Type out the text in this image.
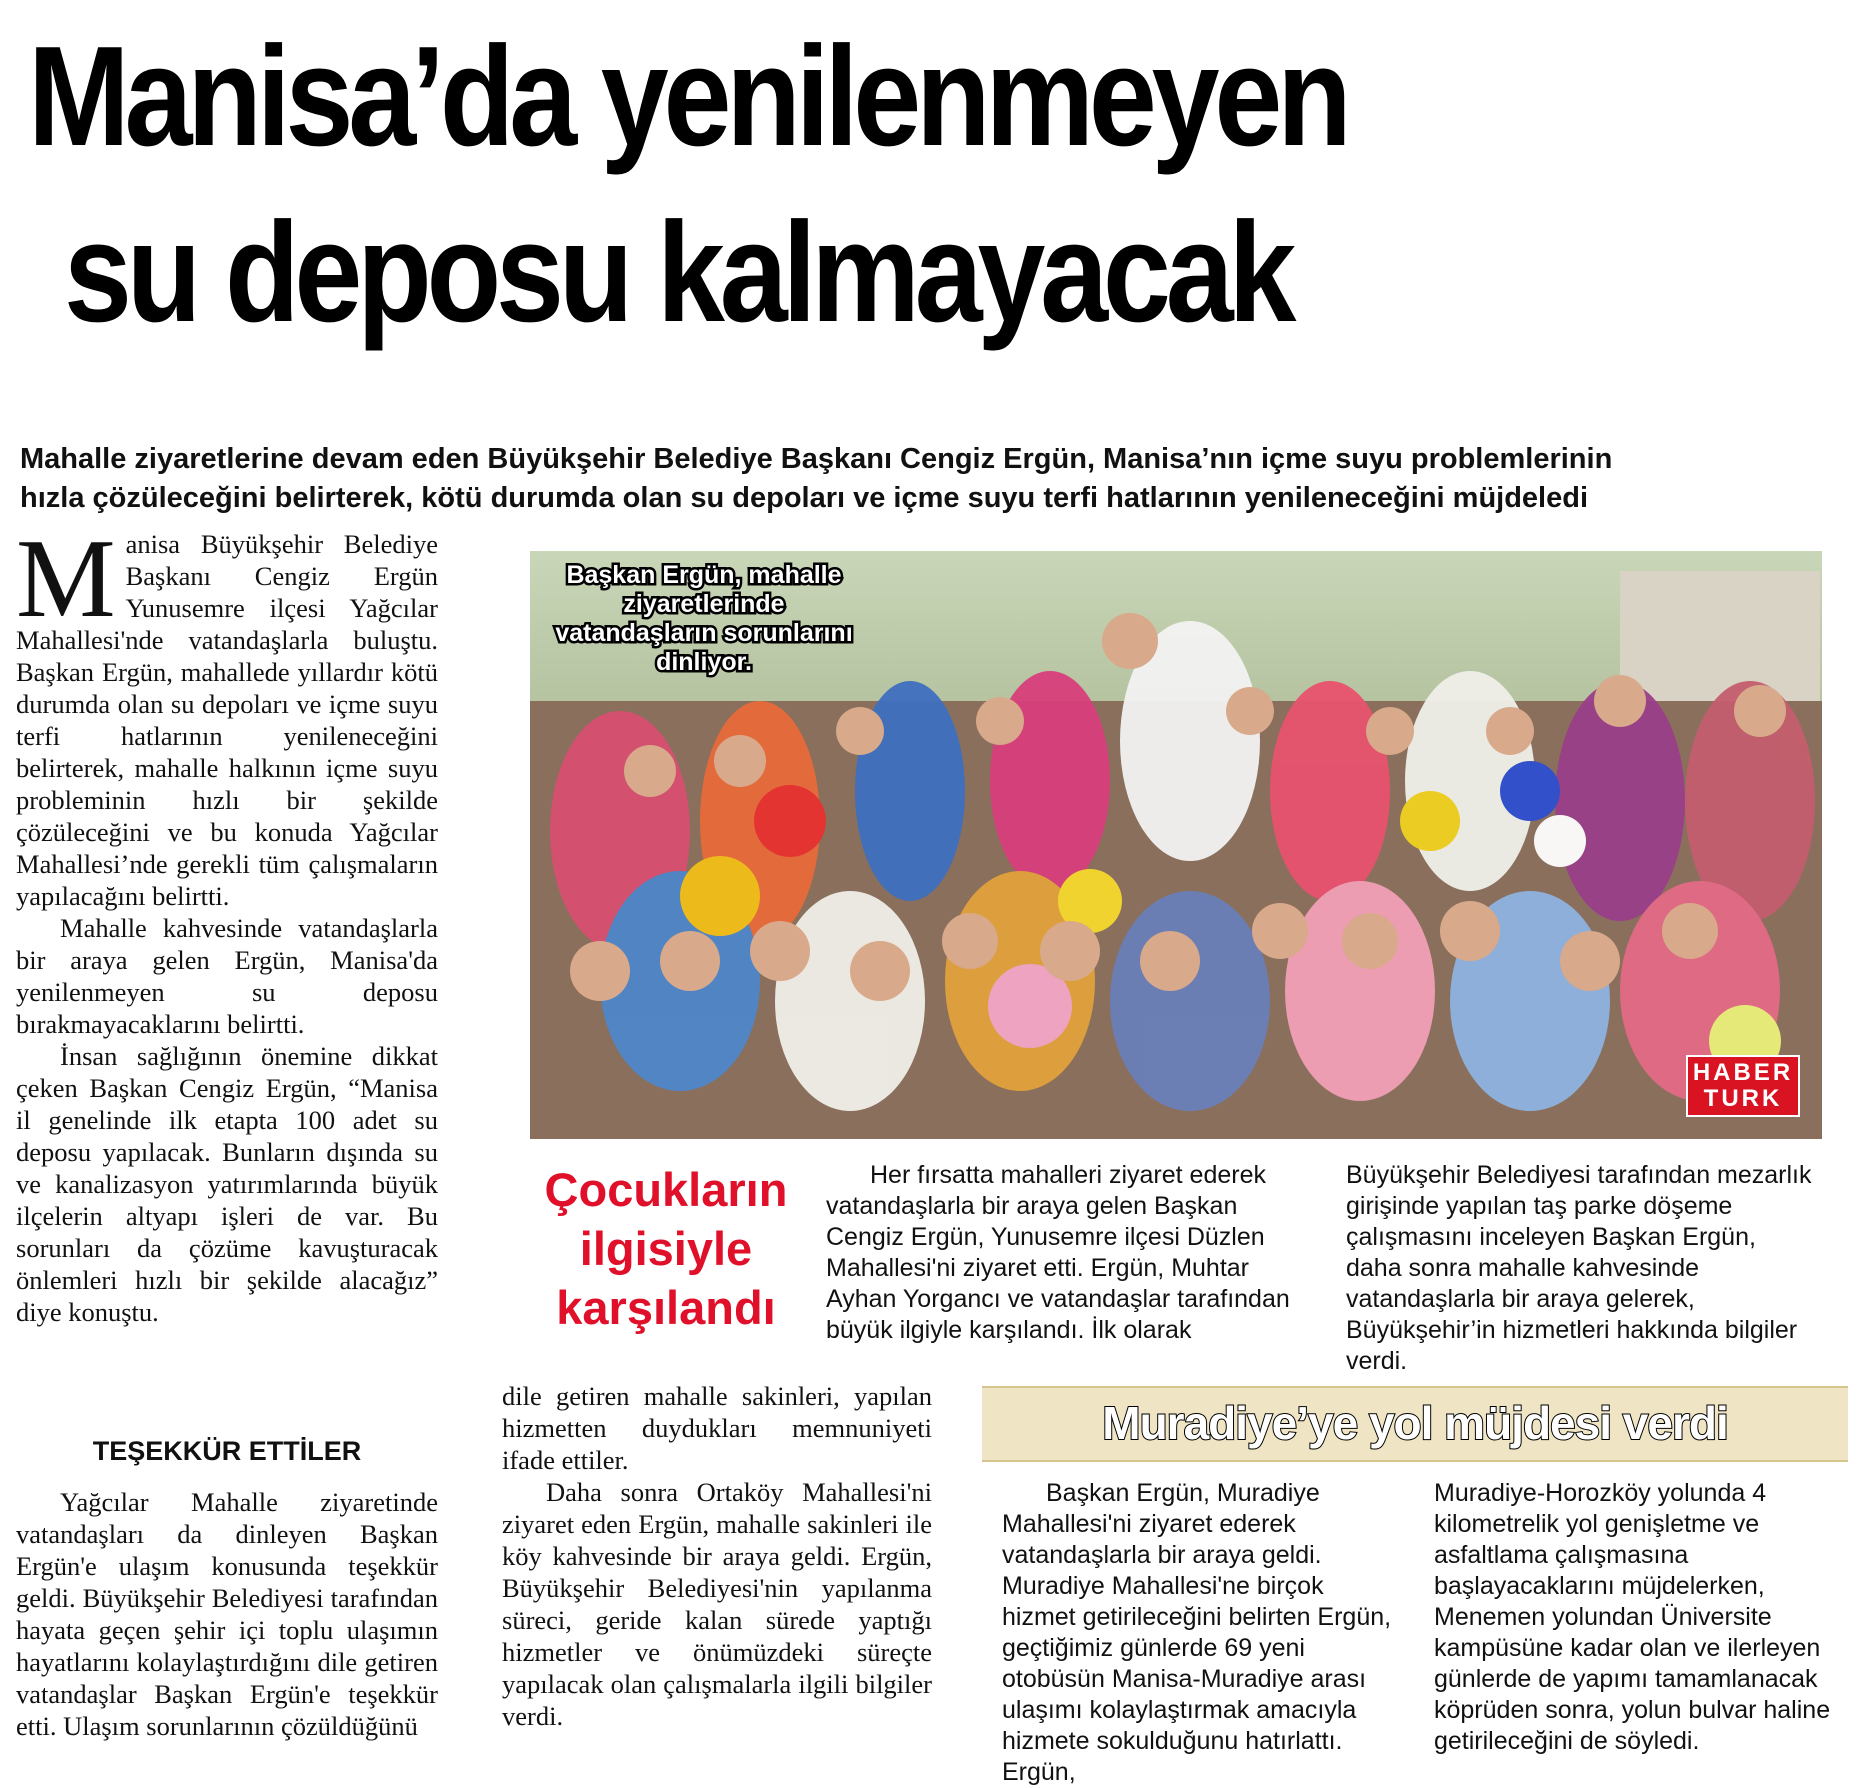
Manisa’da yenilenmeyen
su deposu kalmayacak
Mahalle ziyaretlerine devam eden Büyükşehir Belediye Başkanı Cengiz Ergün, Manisa’nın içme suyu problemlerinin
hızla çözüleceğini belirterek, kötü durumda olan su depoları ve içme suyu terfi hatlarının yenileneceğini müjdeledi

M anisa Büyükşehir Belediye Başkanı Cengiz Ergün Yunusemre ilçesi Yağcılar Mahallesi'nde vatandaşlarla buluştu. Başkan Ergün, mahallede yıllardır kötü durumda olan su depoları ve içme suyu terfi hatlarının yenileneceğini belirterek, mahalle halkının içme suyu probleminin hızlı bir şekilde çözüleceğini ve bu konuda Yağcılar Mahallesi’nde gerekli tüm çalışmaların yapılacağını belirtti.

Mahalle kahvesinde vatandaşlarla bir araya gelen Ergün, Manisa'da yenilenmeyen su deposu bırakmayacaklarını belirtti.

İnsan sağlığının önemine dikkat çeken Başkan Cengiz Ergün, “Manisa il genelinde ilk etapta 100 adet su deposu yapılacak. Bunların dışında su ve kanalizasyon yatırımlarında büyük ilçelerin altyapı işleri de var. Bu sorunları da çözüme kavuşturacak önlemleri hızlı bir şekilde alacağız” diye konuştu.

TEŞEKKÜR ETTİLER

Yağcılar Mahalle ziyaretinde vatandaşları da dinleyen Başkan Ergün'e ulaşım konusunda teşekkür geldi. Büyükşehir Belediyesi tarafından hayata geçen şehir içi toplu ulaşımın hayatlarını kolaylaştırdığını dile getiren vatandaşlar Başkan Ergün'e teşekkür etti. Ulaşım sorunlarının çözüldüğünü

Başkan Ergün, mahalle ziyaretlerinde vatandaşların sorunlarını dinliyor.
HABER
TURK
Çocukların ilgisiyle karşılandı

Her fırsatta mahalleri ziyaret ederek vatandaşlarla bir araya gelen Başkan Cengiz Ergün, Yunusemre ilçesi Düzlen Mahallesi'ni ziyaret etti. Ergün, Muhtar Ayhan Yorgancı ve vatandaşlar tarafından büyük ilgiyle karşılandı. İlk olarak

Büyükşehir Belediyesi tarafından mezarlık girişinde yapılan taş parke döşeme çalışmasını inceleyen Başkan Ergün, daha sonra mahalle kahvesinde vatandaşlarla bir araya gelerek, Büyükşehir’in hizmetleri hakkında bilgiler verdi.

dile getiren mahalle sakinleri, yapılan hizmetten duydukları memnuniyeti ifade ettiler.

Daha sonra Ortaköy Mahallesi'ni ziyaret eden Ergün, mahalle sakinleri ile köy kahvesinde bir araya geldi. Ergün, Büyükşehir Belediyesi'nin yapılanma süreci, geride kalan sürede yaptığı hizmetler ve önümüzdeki süreçte yapılacak olan çalışmalarla ilgili bilgiler verdi.

Muradiye’ye yol müjdesi verdi

Başkan Ergün, Muradiye Mahallesi'ni ziyaret ederek vatandaşlarla bir araya geldi. Muradiye Mahallesi'ne birçok hizmet getirileceğini belirten Ergün, geçtiğimiz günlerde 69 yeni otobüsün Manisa-Muradiye arası ulaşımı kolaylaştırmak amacıyla hizmete sokulduğunu hatırlattı. Ergün,

Muradiye-Horozköy yolunda 4 kilometrelik yol genişletme ve asfaltlama çalışmasına başlayacaklarını müjdelerken, Menemen yolundan Üniversite kampüsüne kadar olan ve ilerleyen günlerde de yapımı tamamlanacak köprüden sonra, yolun bulvar haline getirileceğini de söyledi.
